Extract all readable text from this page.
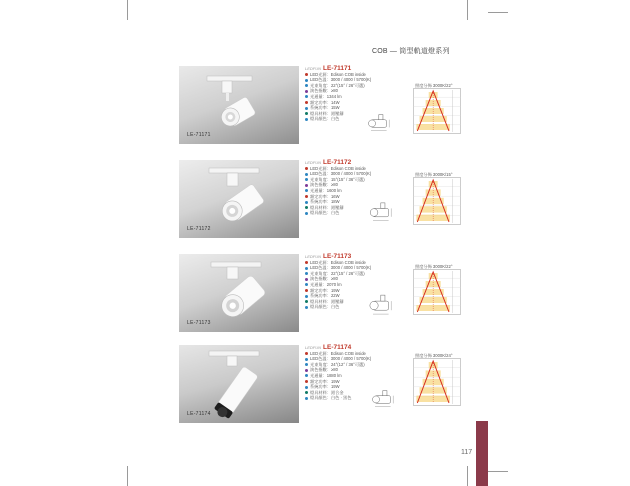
COB — 筒型軌道燈系列
LE-71171
LEDFUN LE-71171
LED光源：Edison COB inside
LED色溫：3000 / 4000 / 5700(K)
光束角度：22°(15° / 26°可選)
演色指數：≥80
光通量：1344 lm
額定功率：14W
系統功率：15W
燈具材料：鋁壓鑄
燈具顏色：白色
照度分佈 3000K/22°
LE-71172
LEDFUN LE-71172
LED光源：Edison COB inside
LED色溫：3000 / 4000 / 5700(K)
光束角度：15°(15° / 36°可選)
演色指數：≥80
光通量：1600 lm
額定功率：16W
系統功率：18W
燈具材料：鋁壓鑄
燈具顏色：白色
照度分佈 3000K/15°
LE-71173
LEDFUN LE-71173
LED光源：Edison COB inside
LED色溫：3000 / 4000 / 5700(K)
光束角度：22°(15° / 26°可選)
演色指數：≥80
光通量：2070 lm
額定功率：19W
系統功率：22W
燈具材料：鋁壓鑄
燈具顏色：白色
照度分佈 3000K/22°
LE-71174
LEDFUN LE-71174
LED光源：Edison COB inside
LED色溫：3000 / 4000 / 5700(K)
光束角度：24°(12° / 36°可選)
演色指數：≥80
光通量：1880 lm
額定功率：19W
系統功率：19W
燈具材料：鋁合金
燈具顏色：白色 · 黑色
照度分佈 3000K/24°
117
